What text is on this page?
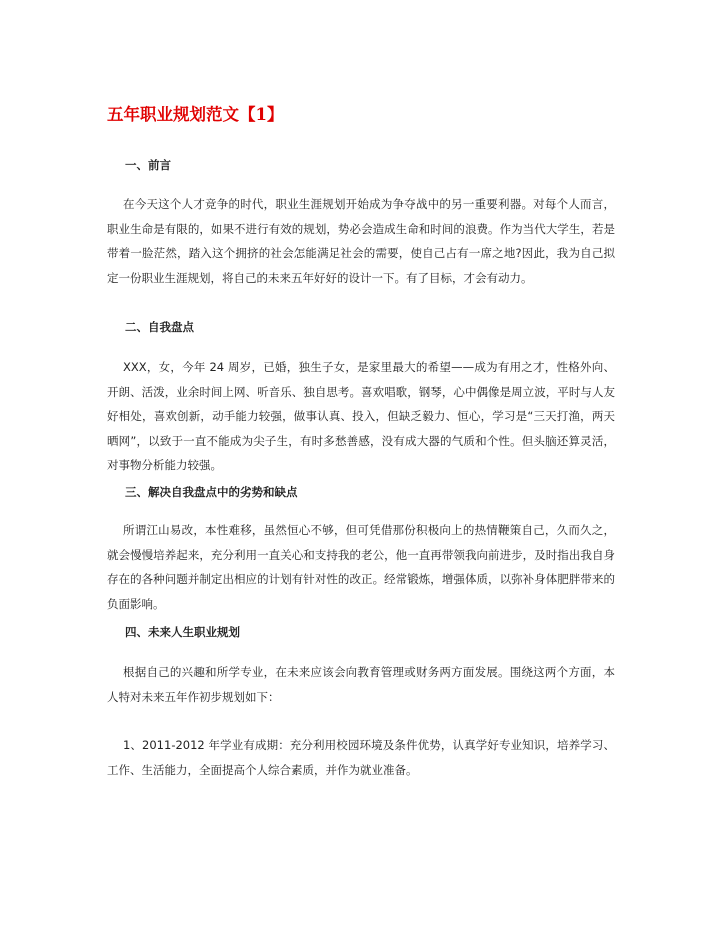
五年职业规划范文【1】
一、前言

在今天这个人才竞争的时代，职业生涯规划开始成为争夺战中的另一重要利器。对每个人而言，职业生命是有限的，如果不进行有效的规划，势必会造成生命和时间的浪费。作为当代大学生，若是带着一脸茫然，踏入这个拥挤的社会怎能满足社会的需要，使自己占有一席之地?因此，我为自己拟定一份职业生涯规划，将自己的未来五年好好的设计一下。有了目标，才会有动力。

二、自我盘点

XXX，女，今年 24 周岁，已婚，独生子女，是家里最大的希望——成为有用之才，性格外向、开朗、活泼，业余时间上网、听音乐、独自思考。喜欢唱歌，钢琴，心中偶像是周立波，平时与人友好相处，喜欢创新，动手能力较强，做事认真、投入，但缺乏毅力、恒心，学习是“三天打渔，两天晒网”，以致于一直不能成为尖子生，有时多愁善感，没有成大器的气质和个性。但头脑还算灵活，对事物分析能力较强。

三、解决自我盘点中的劣势和缺点

所谓江山易改，本性难移，虽然恒心不够，但可凭借那份积极向上的热情鞭策自己，久而久之，就会慢慢培养起来，充分利用一直关心和支持我的老公，他一直再带领我向前进步，及时指出我自身存在的各种问题并制定出相应的计划有针对性的改正。经常锻炼，增强体质，以弥补身体肥胖带来的负面影响。

四、未来人生职业规划

根据自己的兴趣和所学专业，在未来应该会向教育管理或财务两方面发展。围绕这两个方面，本人特对未来五年作初步规划如下：

1、2011-2012 年学业有成期：充分利用校园环境及条件优势，认真学好专业知识，培养学习、工作、生活能力，全面提高个人综合素质，并作为就业准备。
